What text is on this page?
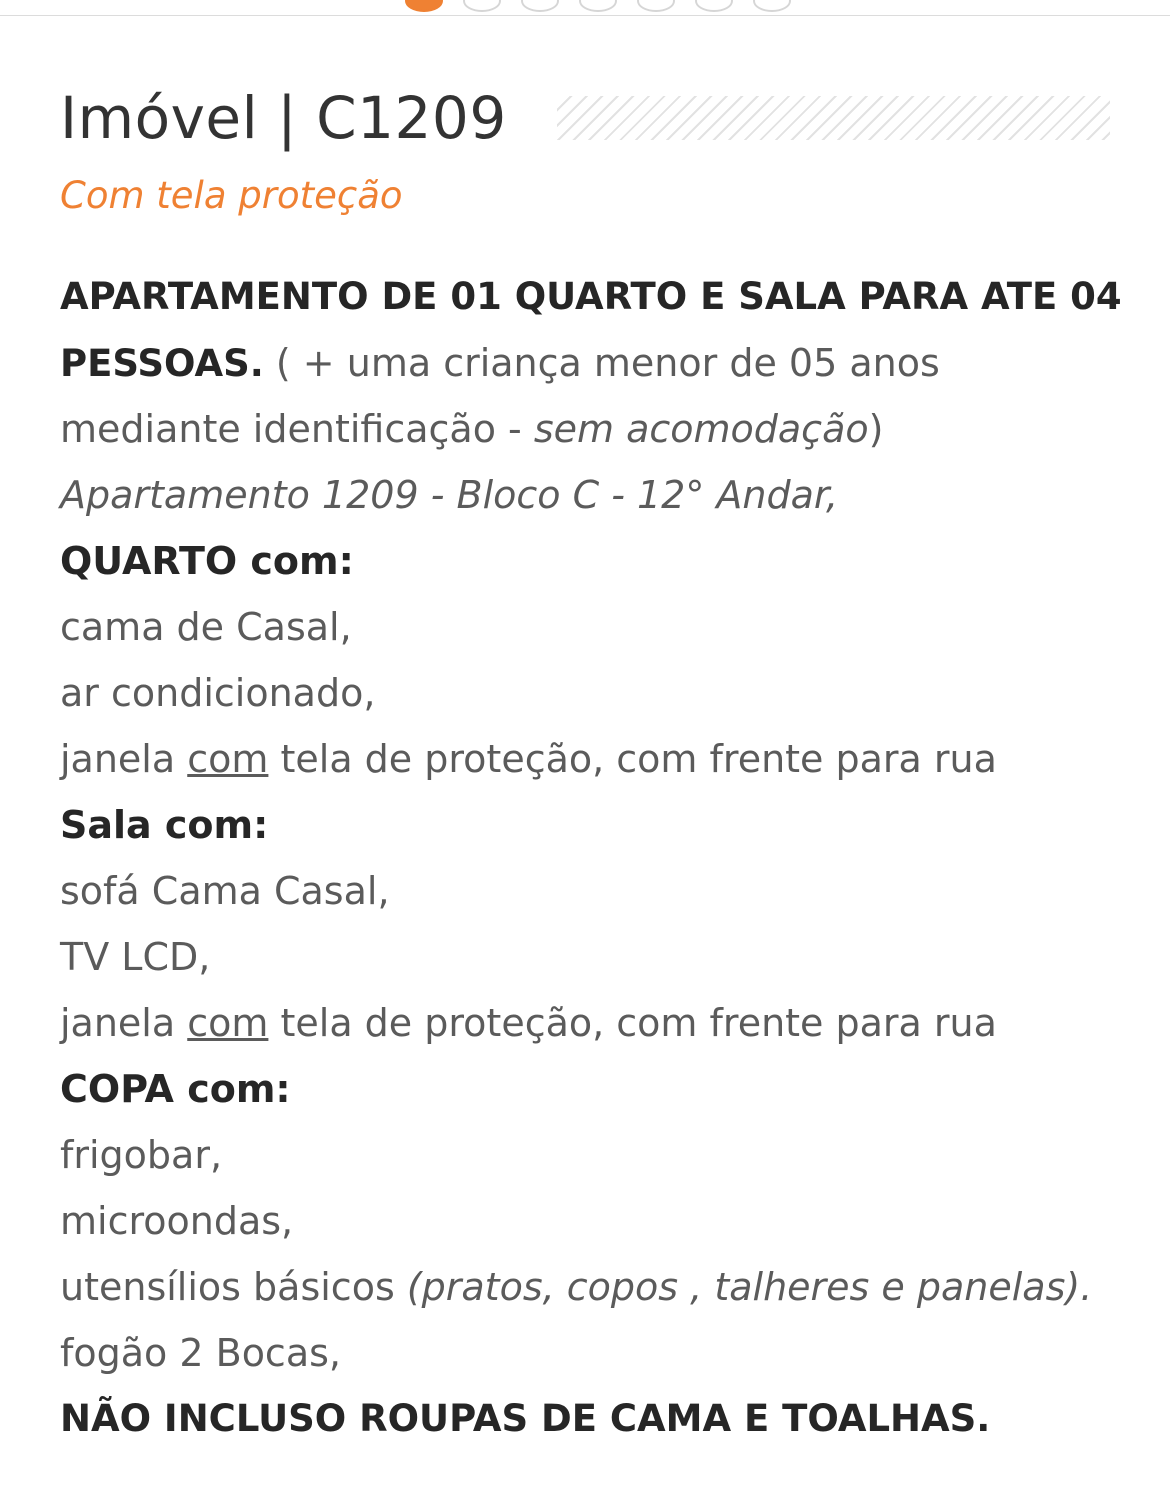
Imóvel | C1209
Com tela proteção
APARTAMENTO DE 01 QUARTO E SALA PARA ATE 04
PESSOAS. ( + uma criança menor de 05 anos
mediante identificação - sem acomodação)
Apartamento 1209 - Bloco C - 12° Andar,
QUARTO com:
cama de Casal,
ar condicionado,
janela com tela de proteção, com frente para rua
Sala com:
sofá Cama Casal,
TV LCD,
janela com tela de proteção, com frente para rua
COPA com:
frigobar,
microondas,
utensílios básicos (pratos, copos , talheres e panelas).
fogão 2 Bocas,
NÃO INCLUSO ROUPAS DE CAMA E TOALHAS.
